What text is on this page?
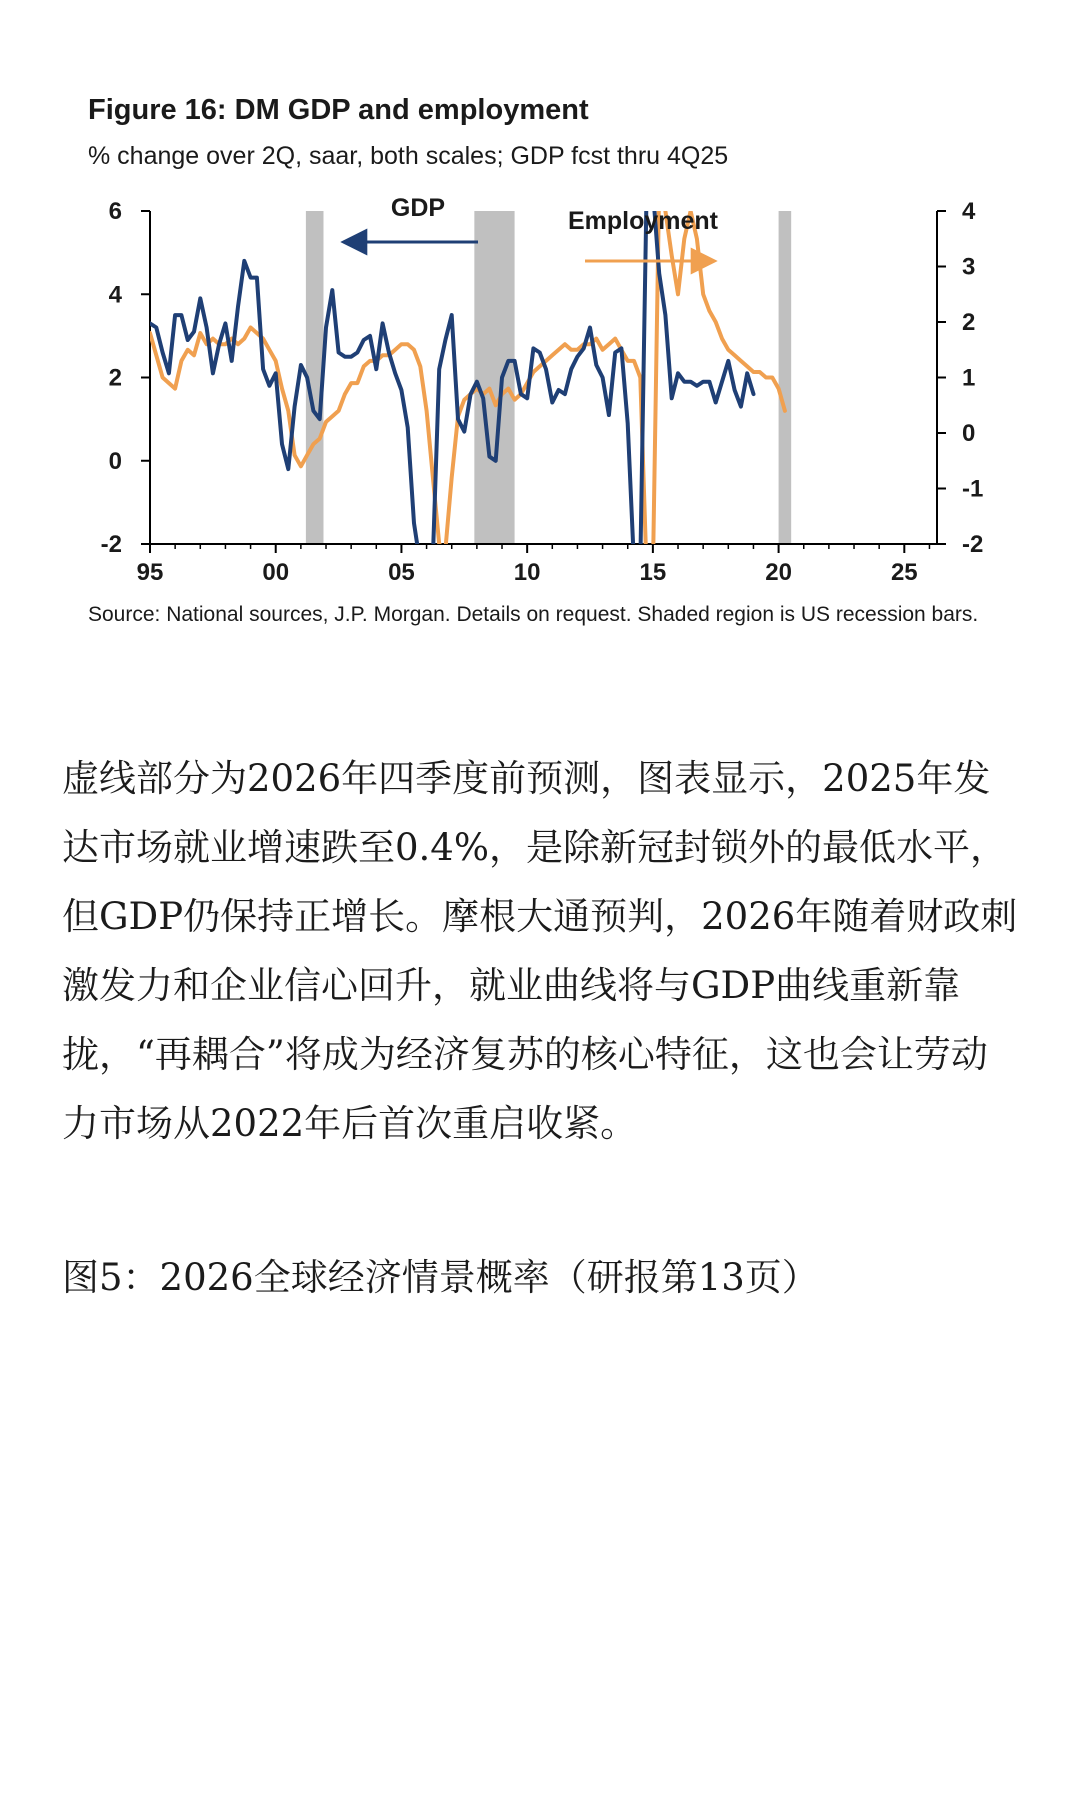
Figure 16: DM GDP and employment
% change over 2Q, saar, both scales; GDP fcst thru 4Q25
-2
0
2
4
6
-2
-1
0
1
2
3
4
95	00	05	10	15	20	25
GDP	Employment
Source: National sources, J.P. Morgan. Details on request. Shaded region is US recession bars.

虚线部分为2026年四季度前预测，图表显示，2025年发达市场就业增速跌至0.4%，是除新冠封锁外的最低水平，但GDP仍保持正增长。摩根大通预判，2026年随着财政刺激发力和企业信心回升，就业曲线将与GDP曲线重新靠拢，“再耦合”将成为经济复苏的核心特征，这也会让劳动力市场从2022年后首次重启收紧。

图5：2026全球经济情景概率（研报第13页）
